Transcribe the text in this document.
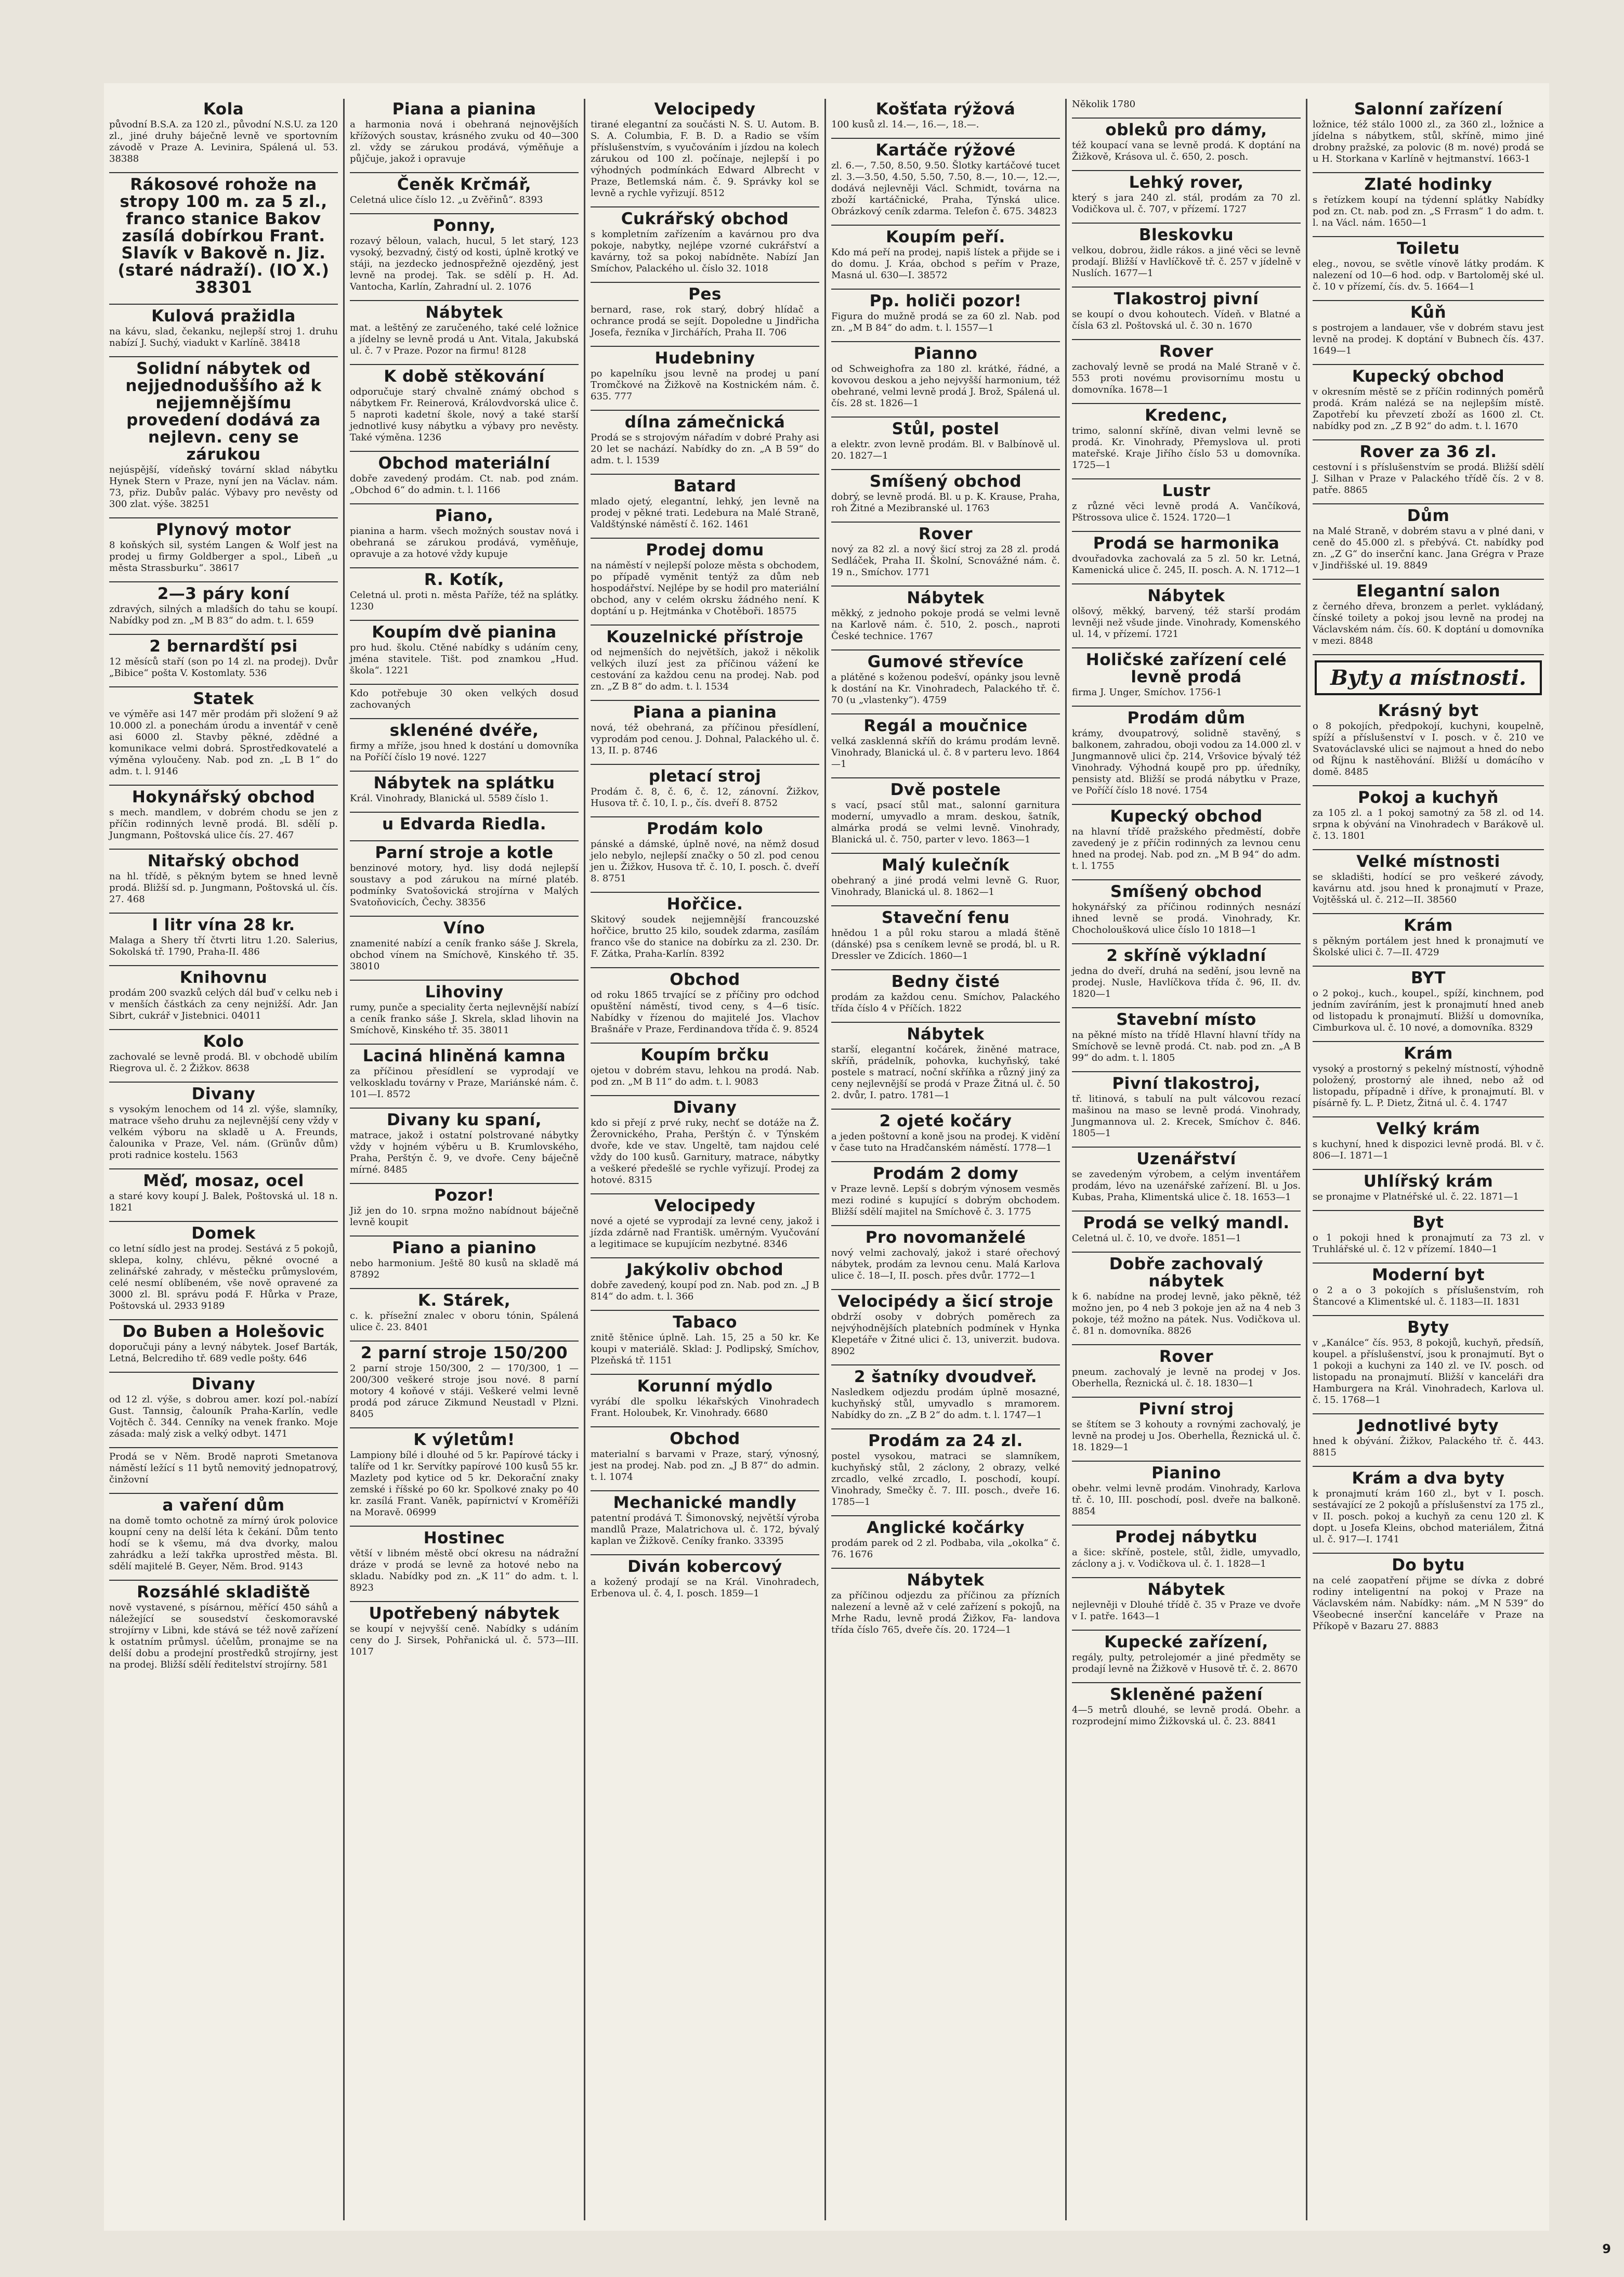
Kola
původní B.S.A. za 120 zl., původní N.S.U. za 120 zl., jiné druhy báječně levně ve sportovním závodě v Praze A. Levinira, Spálená ul. 53. 38388
Rákosové rohože na stropy 100 m. za 5 zl., franco stanice Bakov zasílá dobírkou Frant. Slavík v Bakově n. Jiz. (staré nádraží). (IO X.) 38301
Kulová pražidla
na kávu, slad, čekanku, nejlepší stroj 1. druhu nabízí J. Suchý, viadukt v Karlíně. 38418
Solidní nábytek od nejjednoduššího až k nejjemnějšímu provedení dodává za nejlevn. ceny se zárukou
nejúspější, vídeňský tovární sklad nábytku Hynek Stern v Praze, nyní jen na Václav. nám. 73, přiz. Dubův palác. Výbavy pro nevěsty od 300 zlat. výše. 38251
Plynový motor
8 koňských sil, systém Langen & Wolf jest na prodej u firmy Goldberger a spol., Libeň „u města Strassburku“. 38617
2—3 páry koní
zdravých, silných a mladších do tahu se koupí. Nabídky pod zn. „M B 83“ do adm. t. l. 659
2 bernardští psi
12 měsíců staří (son po 14 zl. na prodej). Dvůr „Bibice“ pošta V. Kostomlaty. 536
Statek
ve výměře asi 147 měr prodám při složení 9 až 10.000 zl. a ponechám úrodu a inventář v ceně asi 6000 zl. Stavby pěkné, zdědné a komunikace velmi dobrá. Sprostředkovatelé a výměna vyloučeny. Nab. pod zn. „L B 1“ do adm. t. l. 9146
Hokynářský obchod
s mech. mandlem, v dobrém chodu se jen z příčin rodinných levně prodá. Bl. sdělí p. Jungmann, Poštovská ulice čís. 27. 467
Nitařský obchod
na hl. třídě, s pěkným bytem se hned levně prodá. Bližší sd. p. Jungmann, Poštovská ul. čís. 27. 468
I litr vína 28 kr.
Malaga a Shery tří čtvrti litru 1.20. Salerius, Sokolská tř. 1790, Praha-II. 486
Knihovnu
prodám 200 svazků celých dál buď v celku neb i v menších částkách za ceny nejnižší. Adr. Jan Sibrt, cukrář v Jistebnici. 04011
Kolo
zachovalé se levně prodá. Bl. v obchodě ubilím Riegrova ul. č. 2 Žižkov. 8638
Divany
s vysokým lenochem od 14 zl. výše, slamníky, matrace všeho druhu za nejlevnější ceny vždy v velkém výboru na skladě u A. Freunds, čalounika v Praze, Vel. nám. (Grünův dům) proti radnice kostelu. 1563
Měď, mosaz, ocel
a staré kovy koupí J. Balek, Poštovská ul. 18 n. 1821
Domek
co letní sídlo jest na prodej. Sestává z 5 pokojů, sklepa, kolny, chlévu, pěkné ovocné a zelinářské zahrady, v městečku průmyslovém, celé nesmí oblíbeném, vše nově opravené za 3000 zl. Bl. správu podá F. Hůrka v Praze, Poštovská ul. 2933 9189
Do Buben a Holešovic
doporučuji pány a levný nábytek. Josef Barták, Letná, Belcrediho tř. 689 vedle pošty. 646
Divany
od 12 zl. výše, s dobrou amer. kozí pol.-nabízí Gust. Tannsig, čalouník Praha-Karlín, vedle Vojtěch č. 344. Cenníky na venek franko. Moje zásada: malý zisk a velký odbyt. 1471
Prodá se v Něm. Brodě naproti Smetanova náměstí ležící s 11 bytů nemovitý jednopatrový, činžovní
a vaření dům
na domě tomto ochotně za mírný úrok polovice koupní ceny na delší léta k čekání. Dům tento hodí se k všemu, má dva dvorky, malou zahrádku a leží takřka uprostřed města. Bl. sdělí majitelé B. Geyer, Něm. Brod. 9143
Rozsáhlé skladiště
nově vystavené, s písárnou, měřící 450 sáhů a náležející se sousedství českomoravské strojírny v Libni, kde stává se též nově zařízení k ostatním průmysl. účelům, pronajme se na delší dobu a prodejní prostředků strojírny, jest na prodej. Bližší sdělí ředitelství strojírny. 581
Piana a pianina
a harmonia nová i obehraná nejnovějších křížových soustav, krásného zvuku od 40—300 zl. vždy se zárukou prodává, výměňuje a půjčuje, jakož i opravuje
Čeněk Krčmář,
Celetná ulice číslo 12. „u Zvěřinů“. 8393
Ponny,
rozavý běloun, valach, hucul, 5 let starý, 123 vysoký, bezvadný, čistý od kosti, úplně krotký ve stáji, na jezdecko jednospřežně ojezděný, jest levně na prodej. Tak. se sdělí p. H. Ad. Vantocha, Karlín, Zahradní ul. 2. 1076
Nábytek
mat. a leštěný ze zaručeného, také celé ložnice a jídelny se levně prodá u Ant. Vitala, Jakubská ul. č. 7 v Praze. Pozor na firmu! 8128
K době stěkování
odporučuje starý chvalně známý obchod s nábytkem Fr. Reinerová, Královdvorská ulice č. 5 naproti kadetní škole, nový a také starší jednotlivé kusy nábytku a výbavy pro nevěsty. Také výměna. 1236
Obchod materiální
dobře zavedený prodám. Ct. nab. pod znám. „Obchod 6“ do admin. t. l. 1166
Piano,
pianina a harm. všech možných soustav nová i obehraná se zárukou prodává, vyměňuje, opravuje a za hotové vždy kupuje
R. Kotík,
Celetná ul. proti n. města Paříže, též na splátky. 1230
Koupím dvě pianina
pro hud. školu. Ctěné nabídky s udáním ceny, jména stavitele. Tišt. pod znamkou „Hud. škola“. 1221
Kdo potřebuje 30 oken velkých dosud zachovaných
sklenéné dvéře,
firmy a mříže, jsou hned k dostání u domovníka na Poříčí číslo 19 nové. 1227
Nábytek na splátku
Král. Vinohrady, Blanická ul. 5589 číslo 1.
u Edvarda Riedla.
Parní stroje a kotle
benzinové motory, hyd. lisy dodá nejlepší soustavy a pod zárukou na mírné platéb. podmínky Svatošovická strojírna v Malých Svatoňovicích, Čechy. 38356
Víno
znamenité nabízí a ceník franko sáše J. Skrela, obchod vínem na Smíchově, Kinského tř. 35. 38010
Lihoviny
rumy, punče a speciality čerta nejlevnější nabízí a ceník franko sáše J. Skrela, sklad lihovin na Smíchově, Kinského tř. 35. 38011
Laciná hliněná kamna
za příčinou přesídlení se vyprodají ve velkoskladu továrny v Praze, Mariánské nám. č. 101—I. 8572
Divany ku spaní,
matrace, jakož i ostatní polstrované nábytky vždy v hojném výběru u B. Krumlovského, Praha, Perštýn č. 9, ve dvoře. Ceny báječně mírné. 8485
Pozor!
Již jen do 10. srpna možno nabídnout báječně levně koupit
Piano a pianino
nebo harmonium. Ještě 80 kusů na skladě má 87892
K. Stárek,
c. k. přísežní znalec v oboru tónin, Spálená ulice č. 23. 8401
2 parní stroje 150/200
2 parní stroje 150/300, 2 — 170/300, 1 — 200/300 veškeré stroje jsou nové. 8 parní motory 4 koňové v stáji. Veškeré velmi levně prodá pod záruce Zikmund Neustadl v Plzni. 8405
K výletům!
Lampiony bílé i dlouhé od 5 kr. Papírové tácky i talíře od 1 kr. Servítky papírové 100 kusů 55 kr. Mazlety pod kytice od 5 kr. Dekorační znaky zemské i říšské po 60 kr. Spolkové znaky po 40 kr. zasílá Frant. Vaněk, papírnictví v Kroměříži na Moravě. 06999
Hostinec
větší v libném městě obcí okresu na nádražní dráze v prodá se levně za hotové nebo na skladu. Nabídky pod zn. „K 11“ do adm. t. l. 8923
Upotřebený nábytek
se koupí v nejvyšší ceně. Nabídky s udáním ceny do J. Sirsek, Pohřanická ul. č. 573—III. 1017
Velocipedy
tirané elegantní za součásti N. S. U. Autom. B. S. A. Columbia, F. B. D. a Radio se vším příslušenstvím, s vyučováním i jízdou na kolech zárukou od 100 zl. počínaje, nejlepší i po výhodných podmínkách Edward Albrecht v Praze, Betlemská nám. č. 9. Správky kol se levně a rychle vyřizují. 8512
Cukrářský obchod
s kompletním zařízením a kavárnou pro dva pokoje, nabytky, nejlépe vzorné cukrářství a kavárny, tož sa pokoj nabídněte. Nabízí Jan Smíchov, Palackého ul. číslo 32. 1018
Pes
bernard, rase, rok starý, dobrý hlídač a ochrance prodá se sejít. Dopoledne u Jindřicha Josefa, řezníka v Jirchářích, Praha II. 706
Hudebniny
po kapelníku jsou levně na prodej u paní Tromčkové na Žižkově na Kostnickém nám. č. 635. 777
dílna zámečnická
Prodá se s strojovým nářadím v dobré Prahy asi 20 let se nachází. Nabídky do zn. „A B 59“ do adm. t. l. 1539
Batard
mlado ojetý, elegantní, lehký, jen levně na prodej v pěkné trati. Ledebura na Malé Straně, Valdštýnské náměstí č. 162. 1461
Prodej domu
na náměstí v nejlepší poloze města s obchodem, po případě vyměnit tentýž za dům neb hospodářství. Nejlépe by se hodil pro materiální obchod, any v celém okrsku žádného není. K doptání u p. Hejtmánka v Chotěboři. 18575
Kouzelnické přístroje
od nejmenších do největších, jakož i několik velkých iluzí jest za příčinou vážení ke cestování za každou cenu na prodej. Nab. pod zn. „Z B 8“ do adm. t. l. 1534
Piana a pianina
nová, též obehraná, za příčinou přesídlení, vyprodám pod cenou. J. Dohnal, Palackého ul. č. 13, II. p. 8746
pletací stroj
Prodám č. 8, č. 6, č. 12, zánovní. Žižkov, Husova tř. č. 10, I. p., čís. dveří 8. 8752
Prodám kolo
pánské a dámské, úplně nové, na němž dosud jelo nebylo, nejlepší značky o 50 zl. pod cenou jen u. Žižkov, Husova tř. č. 10, I. posch. č. dveří 8. 8751
Hořčice.
Skitový soudek nejjemnější francouzské hořčice, brutto 25 kilo, soudek zdarma, zasílám franco vše do stanice na dobírku za zl. 230. Dr. F. Zátka, Praha-Karlín. 8392
Obchod
od roku 1865 trvající se z příčiny pro odchod opuštění náměstí, tivod ceny, s 4—6 tisíc. Nabídky v řízenou do majitelé Jos. Vlachov Brašnáře v Praze, Ferdinandova třída č. 9. 8524
Koupím brčku
ojetou v dobrém stavu, lehkou na prodá. Nab. pod zn. „M B 11“ do adm. t. l. 9083
Divany
kdo si přejí z prvé ruky, nechť se dotáže na Ž. Žerovnického, Praha, Perštýn č. v Týnském dvoře, kde ve stav. Ungeltě, tam najdou celé vždy do 100 kusů. Garnitury, matrace, nábytky a veškeré předešlé se rychle vyřizují. Prodej za hotové. 8315
Velocipedy
nové a ojeté se vyprodají za levné ceny, jakož i jízda zdárně nad Františk. uměrným. Vyučování a legitimace se kupujícím nezbytné. 8346
Jakýkoliv obchod
dobře zavedený, koupí pod zn. Nab. pod zn. „J B 814“ do adm. t. l. 366
Tabaco
znitě štěnice úplně. Lah. 15, 25 a 50 kr. Ke koupi v materiálě. Sklad: J. Podlipský, Smíchov, Plzeňská tř. 1151
Korunní mýdlo
vyrábí dle spolku lékařských Vinohradech Frant. Holoubek, Kr. Vinohrady. 6680
Obchod
materialní s barvami v Praze, starý, výnosný, jest na prodej. Nab. pod zn. „J B 87“ do admin. t. l. 1074
Mechanické mandly
patentní prodává T. Šimonovský, největší výroba mandlů Praze, Malatrichova ul. č. 172, bývalý kaplan ve Žižkově. Ceníky franko. 33395
Diván kobercový
a kožený prodají se na Král. Vinohradech, Erbenova ul. č. 4, I. posch. 1859—1
Košťata rýžová
100 kusů zl. 14.—, 16.—, 18.—.
Kartáče rýžové
zl. 6.—, 7.50, 8.50, 9.50. Šlotky kartáčové tucet zl. 3.—3.50, 4.50, 5.50, 7.50, 8.—, 10.—, 12.—, dodává nejlevněji Václ. Schmidt, továrna na zboží kartáčnické, Praha, Týnská ulice. Obrázkový ceník zdarma. Telefon č. 675. 34823
Koupím peří.
Kdo má peří na prodej, napiš lístek a přijde se i do domu. J. Kráa, obchod s peřím v Praze, Masná ul. 630—I. 38572
Pp. holiči pozor!
Figura do mužně prodá se za 60 zl. Nab. pod zn. „M B 84“ do adm. t. l. 1557—1
Pianno
od Schweighofra za 180 zl. krátké, řádné, a kovovou deskou a jeho nejvyšší harmonium, též obehrané, velmi levně prodá J. Brož, Spálená ul. čís. 28 st. 1826—1
Stůl, postel
a elektr. zvon levně prodám. Bl. v Balbínově ul. 20. 1827—1
Smíšený obchod
dobrý, se levně prodá. Bl. u p. K. Krause, Praha, roh Žitné a Mezibranské ul. 1763
Rover
nový za 82 zl. a nový šicí stroj za 28 zl. prodá Sedláček, Praha II. Školní, Scnovážné nám. č. 19 n., Smíchov. 1771
Nábytek
měkký, z jednoho pokoje prodá se velmi levně na Karlově nám. č. 510, 2. posch., naproti České technice. 1767
Gumové střevíce
a plátěné s koženou podešví, opánky jsou levně k dostání na Kr. Vinohradech, Palackého tř. č. 70 (u „vlastenky“). 4759
Regál a moučnice
velká zasklenná skříň do krámu prodám levně. Vinohrady, Blanická ul. č. 8 v parteru levo. 1864—1
Dvě postele
s vací, psací stůl mat., salonní garnitura moderní, umyvadlo a mram. deskou, šatník, almárka prodá se velmi levně. Vinohrady, Blanická ul. č. 750, parter v levo. 1863—1
Malý kulečník
obehraný a jiné prodá velmi levně G. Ruor, Vinohrady, Blanická ul. 8. 1862—1
Staveční fenu
hnědou 1 a půl roku starou a mladá štěně (dánské) psa s ceníkem levně se prodá, bl. u R. Dressler ve Zdicích. 1860—1
Bedny čisté
prodám za každou cenu. Smíchov, Palackého třída číslo 4 v Příčích. 1822
Nábytek
starší, elegantní kočárek, žiněné matrace, skříň, prádelník, pohovka, kuchyňský, také postele s matrací, noční skříňka a různý jiný za ceny nejlevnější se prodá v Praze Žitná ul. č. 50 2. dvůr, I. patro. 1781—1
2 ojeté kočáry
a jeden poštovní a koně jsou na prodej. K vidění v čase tuto na Hradčanském náměstí. 1778—1
Prodám 2 domy
v Praze levně. Lepší s dobrým výnosem vesměs mezi rodiné s kupující s dobrým obchodem. Bližší sdělí majitel na Smíchově č. 3. 1775
Pro novomanželé
nový velmi zachovalý, jakož i staré ořechový nábytek, prodám za levnou cenu. Malá Karlova ulice č. 18—I, II. posch. přes dvůr. 1772—1
Velocipédy a šicí stroje
obdrží osoby v dobrých poměrech za nejvýhodnějších platebních podmínek v Hynka Klepetáře v Žitné ulici č. 13, univerzit. budova. 8902
2 šatníky dvoudveř.
Nasledkem odjezdu prodám úplně mosazné, kuchyňský stůl, umyvadlo s mramorem. Nabídky do zn. „Z B 2“ do adm. t. l. 1747—1
Prodám za 24 zl.
postel vysokou, matraci se slamníkem, kuchyňský stůl, 2 záclony, 2 obrazy, velké zrcadlo, velké zrcadlo, I. poschodí, koupí. Vinohrady, Smečky č. 7. III. posch., dveře 16. 1785—1
Anglické kočárky
prodám parek od 2 zl. Podbaba, vila „okolka“ č. 76. 1676
Nábytek
za příčinou odjezdu za příčinou za přízních nalezení a levně až v celé zařízení s pokojů, na Mrhe Radu, levně prodá Žižkov, Fa- landova třída číslo 765, dveře čís. 20. 1724—1
Několik 1780
obleků pro dámy,
též koupací vana se levně prodá. K doptání na Žižkově, Krásova ul. č. 650, 2. posch.
Lehký rover,
který s jara 240 zl. stál, prodám za 70 zl. Vodičkova ul. č. 707, v přízemí. 1727
Bleskovku
velkou, dobrou, židle rákos. a jiné věci se levně prodají. Bližší v Havlíčkově tř. č. 257 v jídelně v Nuslích. 1677—1
Tlakostroj pivní
se koupí o dvou kohoutech. Vídeň. v Blatné a čísla 63 zl. Poštovská ul. č. 30 n. 1670
Rover
zachovalý levně se prodá na Malé Straně v č. 553 proti novému provisornímu mostu u domovníka. 1678—1
Kredenc,
trimo, salonní skříně, divan velmi levně se prodá. Kr. Vinohrady, Přemyslova ul. proti mateřské. Kraje Jiřího číslo 53 u domovníka. 1725—1
Lustr
z různé věci levně prodá A. Vančíková, Pštrossova ulice č. 1524. 1720—1
Prodá se harmonika
dvouřadovka zachovalá za 5 zl. 50 kr. Letná, Kamenická ulice č. 245, II. posch. A. N. 1712—1
Nábytek
olšový, měkký, barvený, též starší prodám levněji než všude jinde. Vinohrady, Komenského ul. 14, v přízemí. 1721
Holičské zařízení celé levně prodá
firma J. Unger, Smíchov. 1756-1
Prodám dům
krámy, dvoupatrový, solidně stavěný, s balkonem, zahradou, oboji vodou za 14.000 zl. v Jungmannově ulici čp. 214, Vršovice bývalý též Vinohrady. Výhodná koupě pro pp. úředníky, pensisty atd. Bližší se prodá nábytku v Praze, ve Poříčí číslo 18 nové. 1754
Kupecký obchod
na hlavní třídě pražského předměstí, dobře zavedený je z příčin rodinných za levnou cenu hned na prodej. Nab. pod zn. „M B 94“ do adm. t. l. 1755
Smíšený obchod
hokynářský za příčinou rodinných nesnází ihned levně se prodá. Vinohrady, Kr. Chocholoušková ulice číslo 10 1818—1
2 skříně výkladní
jedna do dveří, druhá na sedění, jsou levně na prodej. Nusle, Havlíčkova třída č. 96, II. dv. 1820—1
Stavební místo
na pěkné místo na třídě Hlavní hlavní třídy na Smíchově se levně prodá. Ct. nab. pod zn. „A B 99“ do adm. t. l. 1805
Pivní tlakostroj,
tř. litinová, s tabulí na pult válcovou rezací mašinou na maso se levně prodá. Vinohrady, Jungmannova ul. 2. Krecek, Smíchov č. 846. 1805—1
Uzenářství
se zavedeným výrobem, a celým inventářem prodám, lévo na uzenářské zařízení. Bl. u Jos. Kubas, Praha, Klimentská ulice č. 18. 1653—1
Prodá se velký mandl.
Celetná ul. č. 10, ve dvoře. 1851—1
Dobře zachovalý nábytek
k 6. nabídne na prodej levně, jako pěkně, též možno jen, po 4 neb 3 pokoje jen až na 4 neb 3 pokoje, též možno na pátek. Nus. Vodičkova ul. č. 81 n. domovníka. 8826
Rover
pneum. zachovalý je levně na prodej v Jos. Oberhella, Řeznická ul. č. 18. 1830—1
Pivní stroj
se štítem se 3 kohouty a rovnými zachovalý, je levně na prodej u Jos. Oberhella, Řeznická ul. č. 18. 1829—1
Pianino
obehr. velmi levně prodám. Vinohrady, Karlova tř. č. 10, III. poschodí, posl. dveře na balkoně. 8854
Prodej nábytku
a šice: skříně, postele, stůl, židle, umyvadlo, záclony a j. v. Vodičkova ul. č. 1. 1828—1
Nábytek
nejlevněji v Dlouhé třídě č. 35 v Praze ve dvoře v I. patře. 1643—1
Kupecké zařízení,
regály, pulty, petrolejomér a jiné předměty se prodají levně na Žižkově v Husově tř. č. 2. 8670
Skleněné pažení
4—5 metrů dlouhé, se levně prodá. Obehr. a rozprodejní mimo Žižkovská ul. č. 23. 8841
Salonní zařízení
ložnice, též stálo 1000 zl., za 360 zl., ložnice a jídelna s nábytkem, stůl, skříně, mimo jiné drobny pražské, za polovic (8 m. nové) prodá se u H. Storkana v Karlíně v hejtmanství. 1663-1
Zlaté hodinky
s řetízkem koupí na týdenní splátky Nabídky pod zn. Ct. nab. pod zn. „S Frrasm“ 1 do adm. t. l. na Václ. nám. 1650—1
Toiletu
eleg., novou, se světle vínově látky prodám. K nalezení od 10—6 hod. odp. v Bartoloměj ské ul. č. 10 v přízemí, čís. dv. 5. 1664—1
Kůň
s postrojem a landauer, vše v dobrém stavu jest levně na prodej. K doptání v Bubnech čís. 437. 1649—1
Kupecký obchod
v okresním městě se z příčin rodinných poměrů prodá. Krám nalézá se na nejlepším místě. Zapotřebí ku převzetí zboží as 1600 zl. Ct. nabídky pod zn. „Z B 92“ do adm. t. l. 1670
Rover za 36 zl.
cestovní i s příslušenstvím se prodá. Bližší sdělí J. Silhan v Praze v Palackého třídě čís. 2 v 8. patře. 8865
Dům
na Malé Straně, v dobrém stavu a v plné dani, v ceně do 45.000 zl. s přebývá. Ct. nabídky pod zn. „Z G“ do inserční kanc. Jana Grégra v Praze v Jindřišské ul. 19. 8849
Elegantní salon
z černého dřeva, bronzem a perlet. vykládaný, čínské toilety a pokoj jsou levně na prodej na Václavském nám. čís. 60. K doptání u domovníka v mezi. 8848
Byty a místnosti.
Krásný byt
o 8 pokojích, předpokojí, kuchyni, koupelně, spíží a příslušenství v I. posch. v č. 210 ve Svatováclavské ulici se najmout a hned do nebo od Říjnu k nastěhování. Bližší u domácího v domě. 8485
Pokoj a kuchyň
za 105 zl. a 1 pokoj samotný za 58 zl. od 14. srpna k obývání na Vinohradech v Barákově ul. č. 13. 1801
Velké místnosti
se skladišti, hodící se pro veškeré závody, kavárnu atd. jsou hned k pronajmutí v Praze, Vojtěšská ul. č. 212—II. 38560
Krám
s pěkným portálem jest hned k pronajmutí ve Školské ulici č. 7—II. 4729
BYT
o 2 pokoj., kuch., koupel., spíží, kinchnem, pod jedním zavíráním, jest k pronajmutí hned aneb od listopadu k pronajmutí. Bližší u domovníka, Cimburkova ul. č. 10 nové, a domovníka. 8329
Krám
vysoký a prostorný s pekelný místností, výhodně položený, prostorný ale ihned, nebo až od listopadu, případně i dříve, k pronajmutí. Bl. v písárně fy. L. P. Dietz, Žitná ul. č. 4. 1747
Velký krám
s kuchyní, hned k dispozici levně prodá. Bl. v č. 806—I. 1871—1
Uhlířský krám
se pronajme v Platnéřské ul. č. 22. 1871—1
Byt
o 1 pokoji hned k pronajmutí za 73 zl. v Truhlářské ul. č. 12 v přízemí. 1840—1
Moderní byt
o 2 a o 3 pokojích s příslušenstvím, roh Štancové a Klimentské ul. č. 1183—II. 1831
Byty
v „Kanálce“ čís. 953, 8 pokojů, kuchyň, předsíň, koupel. a příslušenství, jsou k pronajmutí. Byt o 1 pokoji a kuchyni za 140 zl. ve IV. posch. od listopadu na pronajmutí. Bližší v kanceláři dra Hamburgera na Král. Vinohradech, Karlova ul. č. 15. 1768—1
Jednotlivé byty
hned k obývání. Žižkov, Palackého tř. č. 443. 8815
Krám a dva byty
k pronajmutí krám 160 zl., byt v I. posch. sestávající ze 2 pokojů a příslušenství za 175 zl., v II. posch. pokoj a kuchyň za cenu 120 zl. K dopt. u Josefa Kleins, obchod materiálem, Žitná ul. č. 917—I. 1741
Do bytu
na celé zaopatření přijme se dívka z dobré rodiny inteligentní na pokoj v Praze na Václavském nám. Nabídky: nám. „M N 539“ do Všeobecné inserční kanceláře v Praze na Příkopě v Bazaru 27. 8883
9
